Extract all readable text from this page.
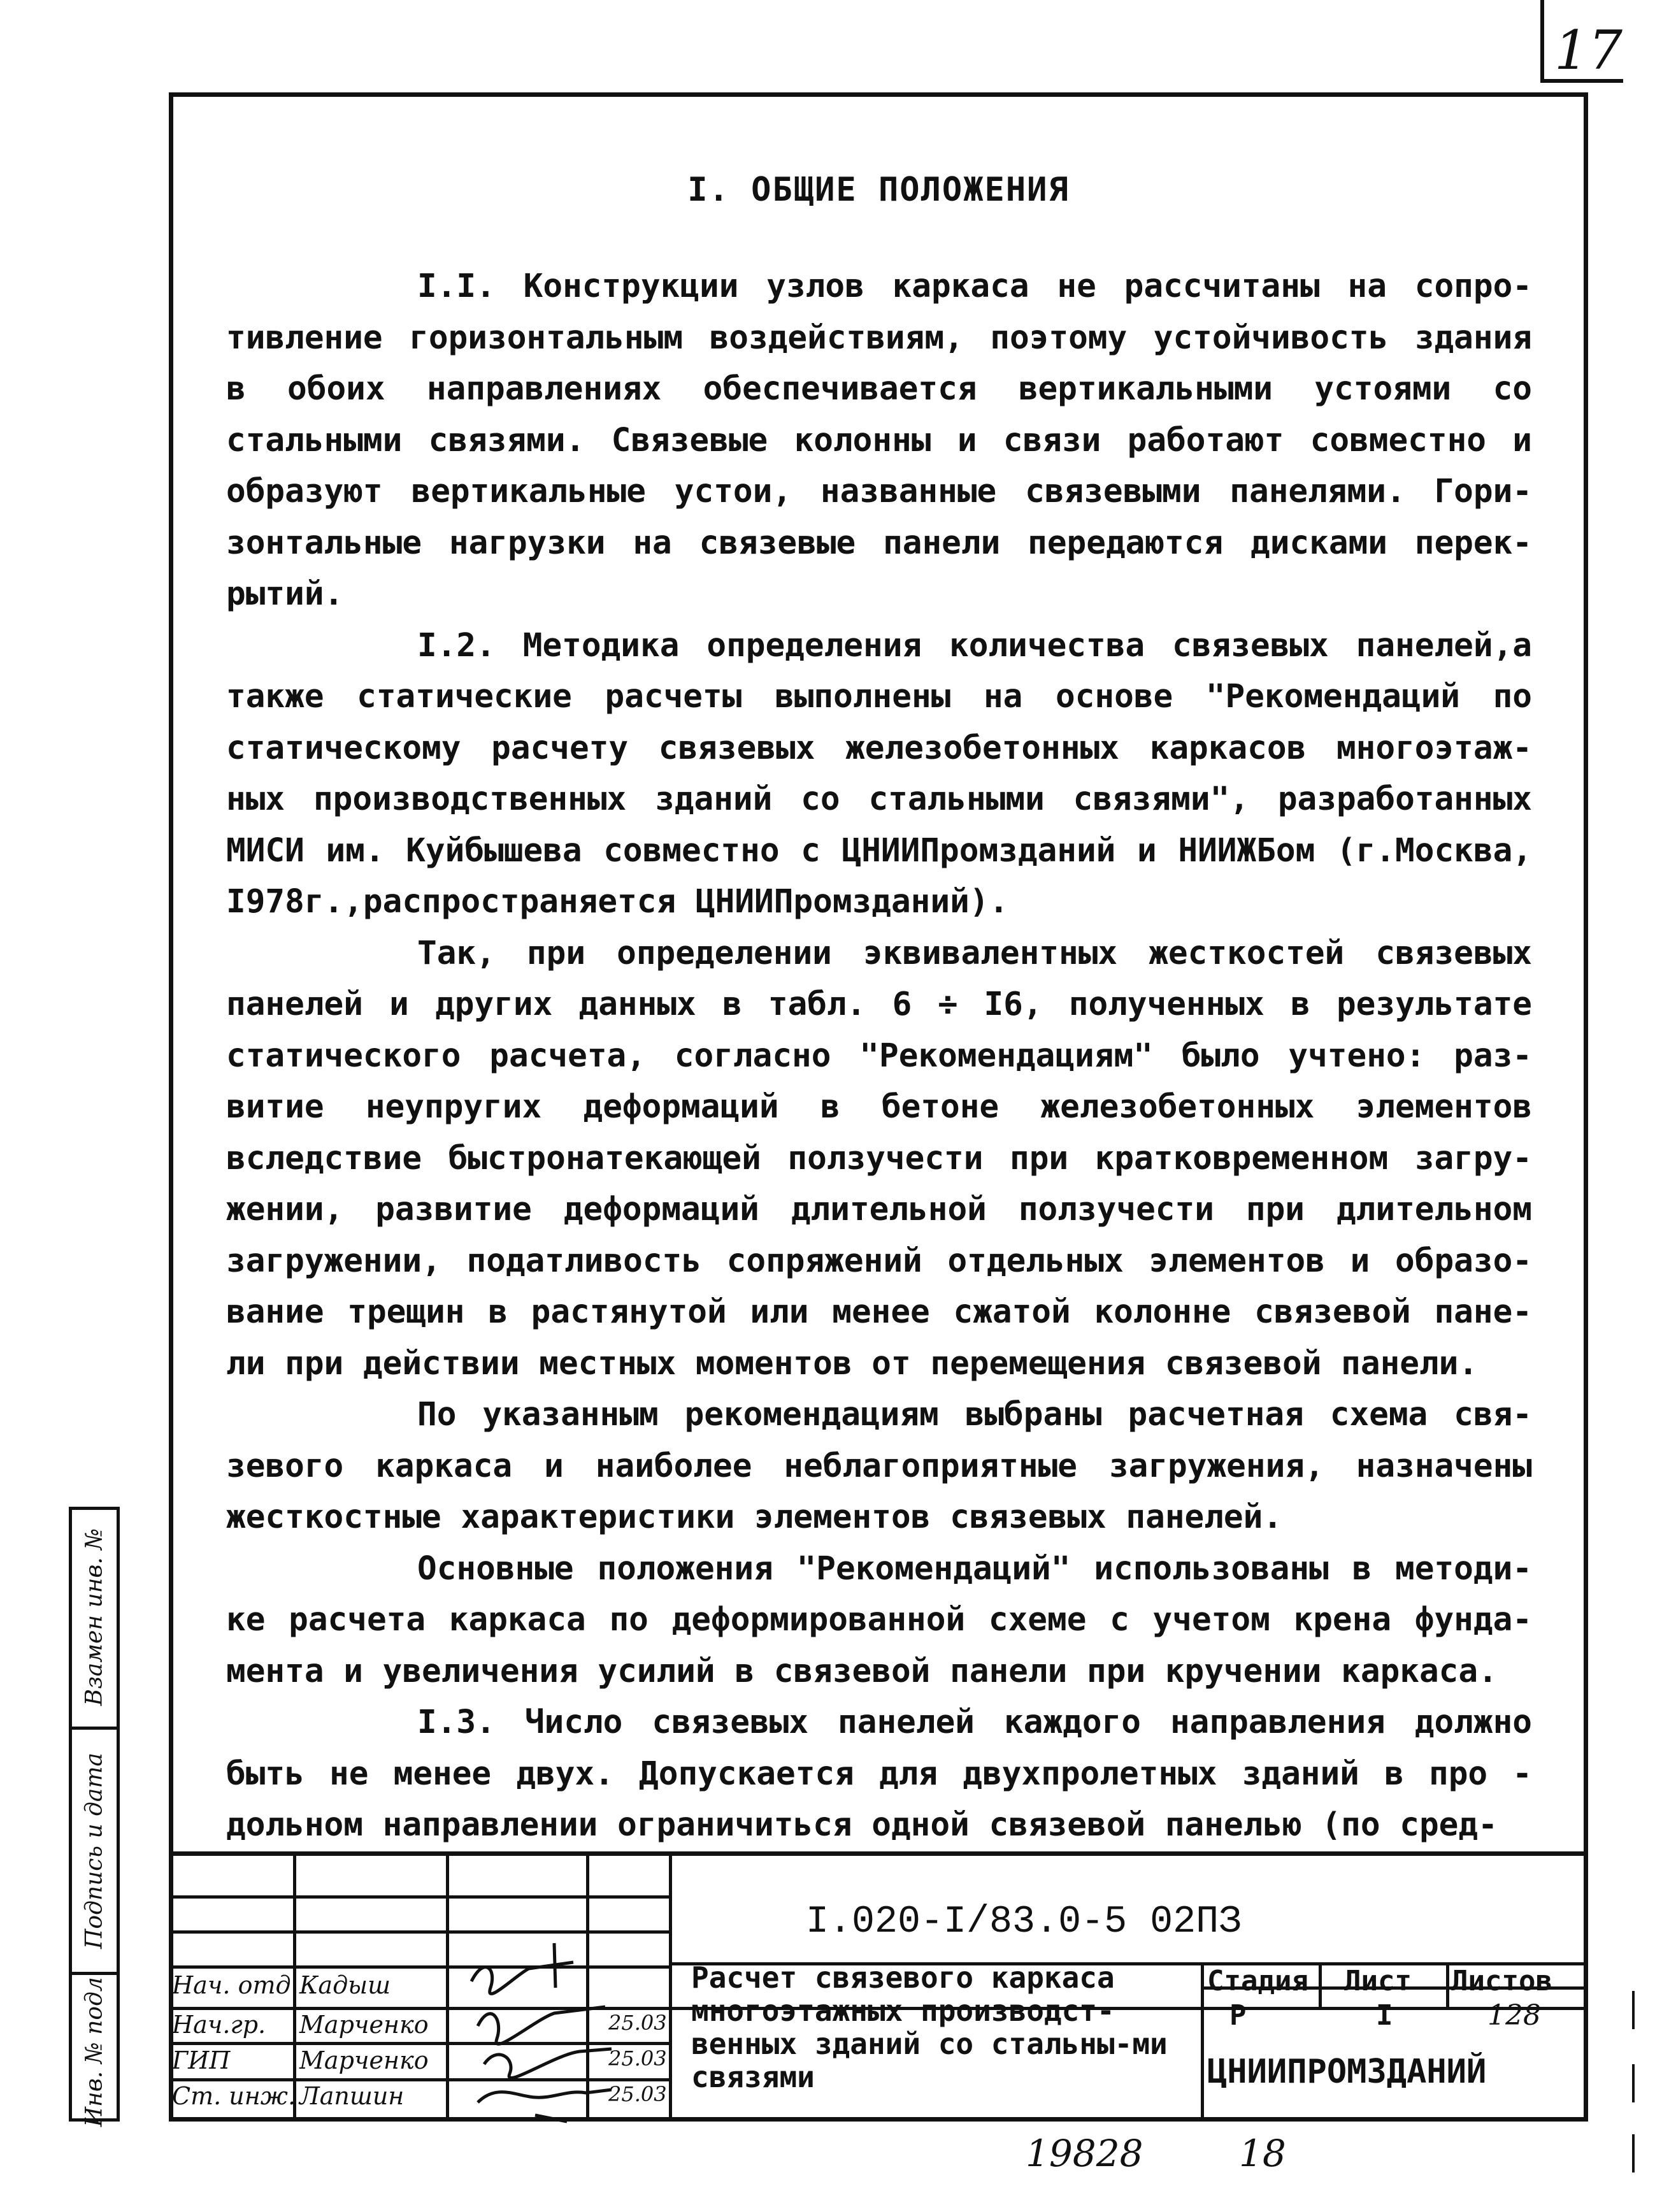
17
I. ОБЩИЕ ПОЛОЖЕНИЯ

I.I. Конструкции узлов каркаса не рассчитаны на сопро-тивление горизонтальным воздействиям, поэтому устойчивость здания в обоих направлениях обеспечивается вертикальными устоями со стальными связями. Связевые колонны и связи работают совместно и образуют вертикальные устои, названные связевыми панелями. Гори-зонтальные нагрузки на связевые панели передаются дисками перек-рытий.

I.2. Методика определения количества связевых панелей,а также статические расчеты выполнены на основе "Рекомендаций по статическому расчету связевых железобетонных каркасов многоэтаж-ных производственных зданий со стальными связями", разработанных МИСИ им. Куйбышева совместно с ЦНИИПромзданий и НИИЖБом (г.Москва, I978г.,распространяется ЦНИИПромзданий).

Так, при определении эквивалентных жесткостей связевых панелей и других данных в табл. 6 ÷ I6, полученных в результате статического расчета, согласно "Рекомендациям" было учтено: раз-витие неупругих деформаций в бетоне железобетонных элементов вследствие быстронатекающей ползучести при кратковременном загру-жении, развитие деформаций длительной ползучести при длительном загружении, податливость сопряжений отдельных элементов и образо-вание трещин в растянутой или менее сжатой колонне связевой пане-ли при действии местных моментов от перемещения связевой панели.

По указанным рекомендациям выбраны расчетная схема свя-зевого каркаса и наиболее неблагоприятные загружения, назначены жесткостные характеристики элементов связевых панелей.

Основные положения "Рекомендаций" использованы в методи-ке расчета каркаса по деформированной схеме с учетом крена фунда-мента и увеличения усилий в связевой панели при кручении каркаса.

I.3. Число связевых панелей каждого направления должно быть не менее двух. Допускается для двухпролетных зданий в про - дольном направлении ограничиться одной связевой панелью (по сред-

Взамен инв. №
Подпись и дата
Инв. № подл.
I.020-I/83.0-5 02ПЗ
Расчет связевого каркаса многоэтажных производст-венных зданий со стальны-ми связями
Стадия Лист Листов
Р	I	128
ЦНИИПРОМЗДАНИЙ
Нач. отд. Кадыш
Нач.гр. Марченко	25.03
ГИП	Марченко	25.03
Ст. инж. Лапшин	25.03
19828	18
